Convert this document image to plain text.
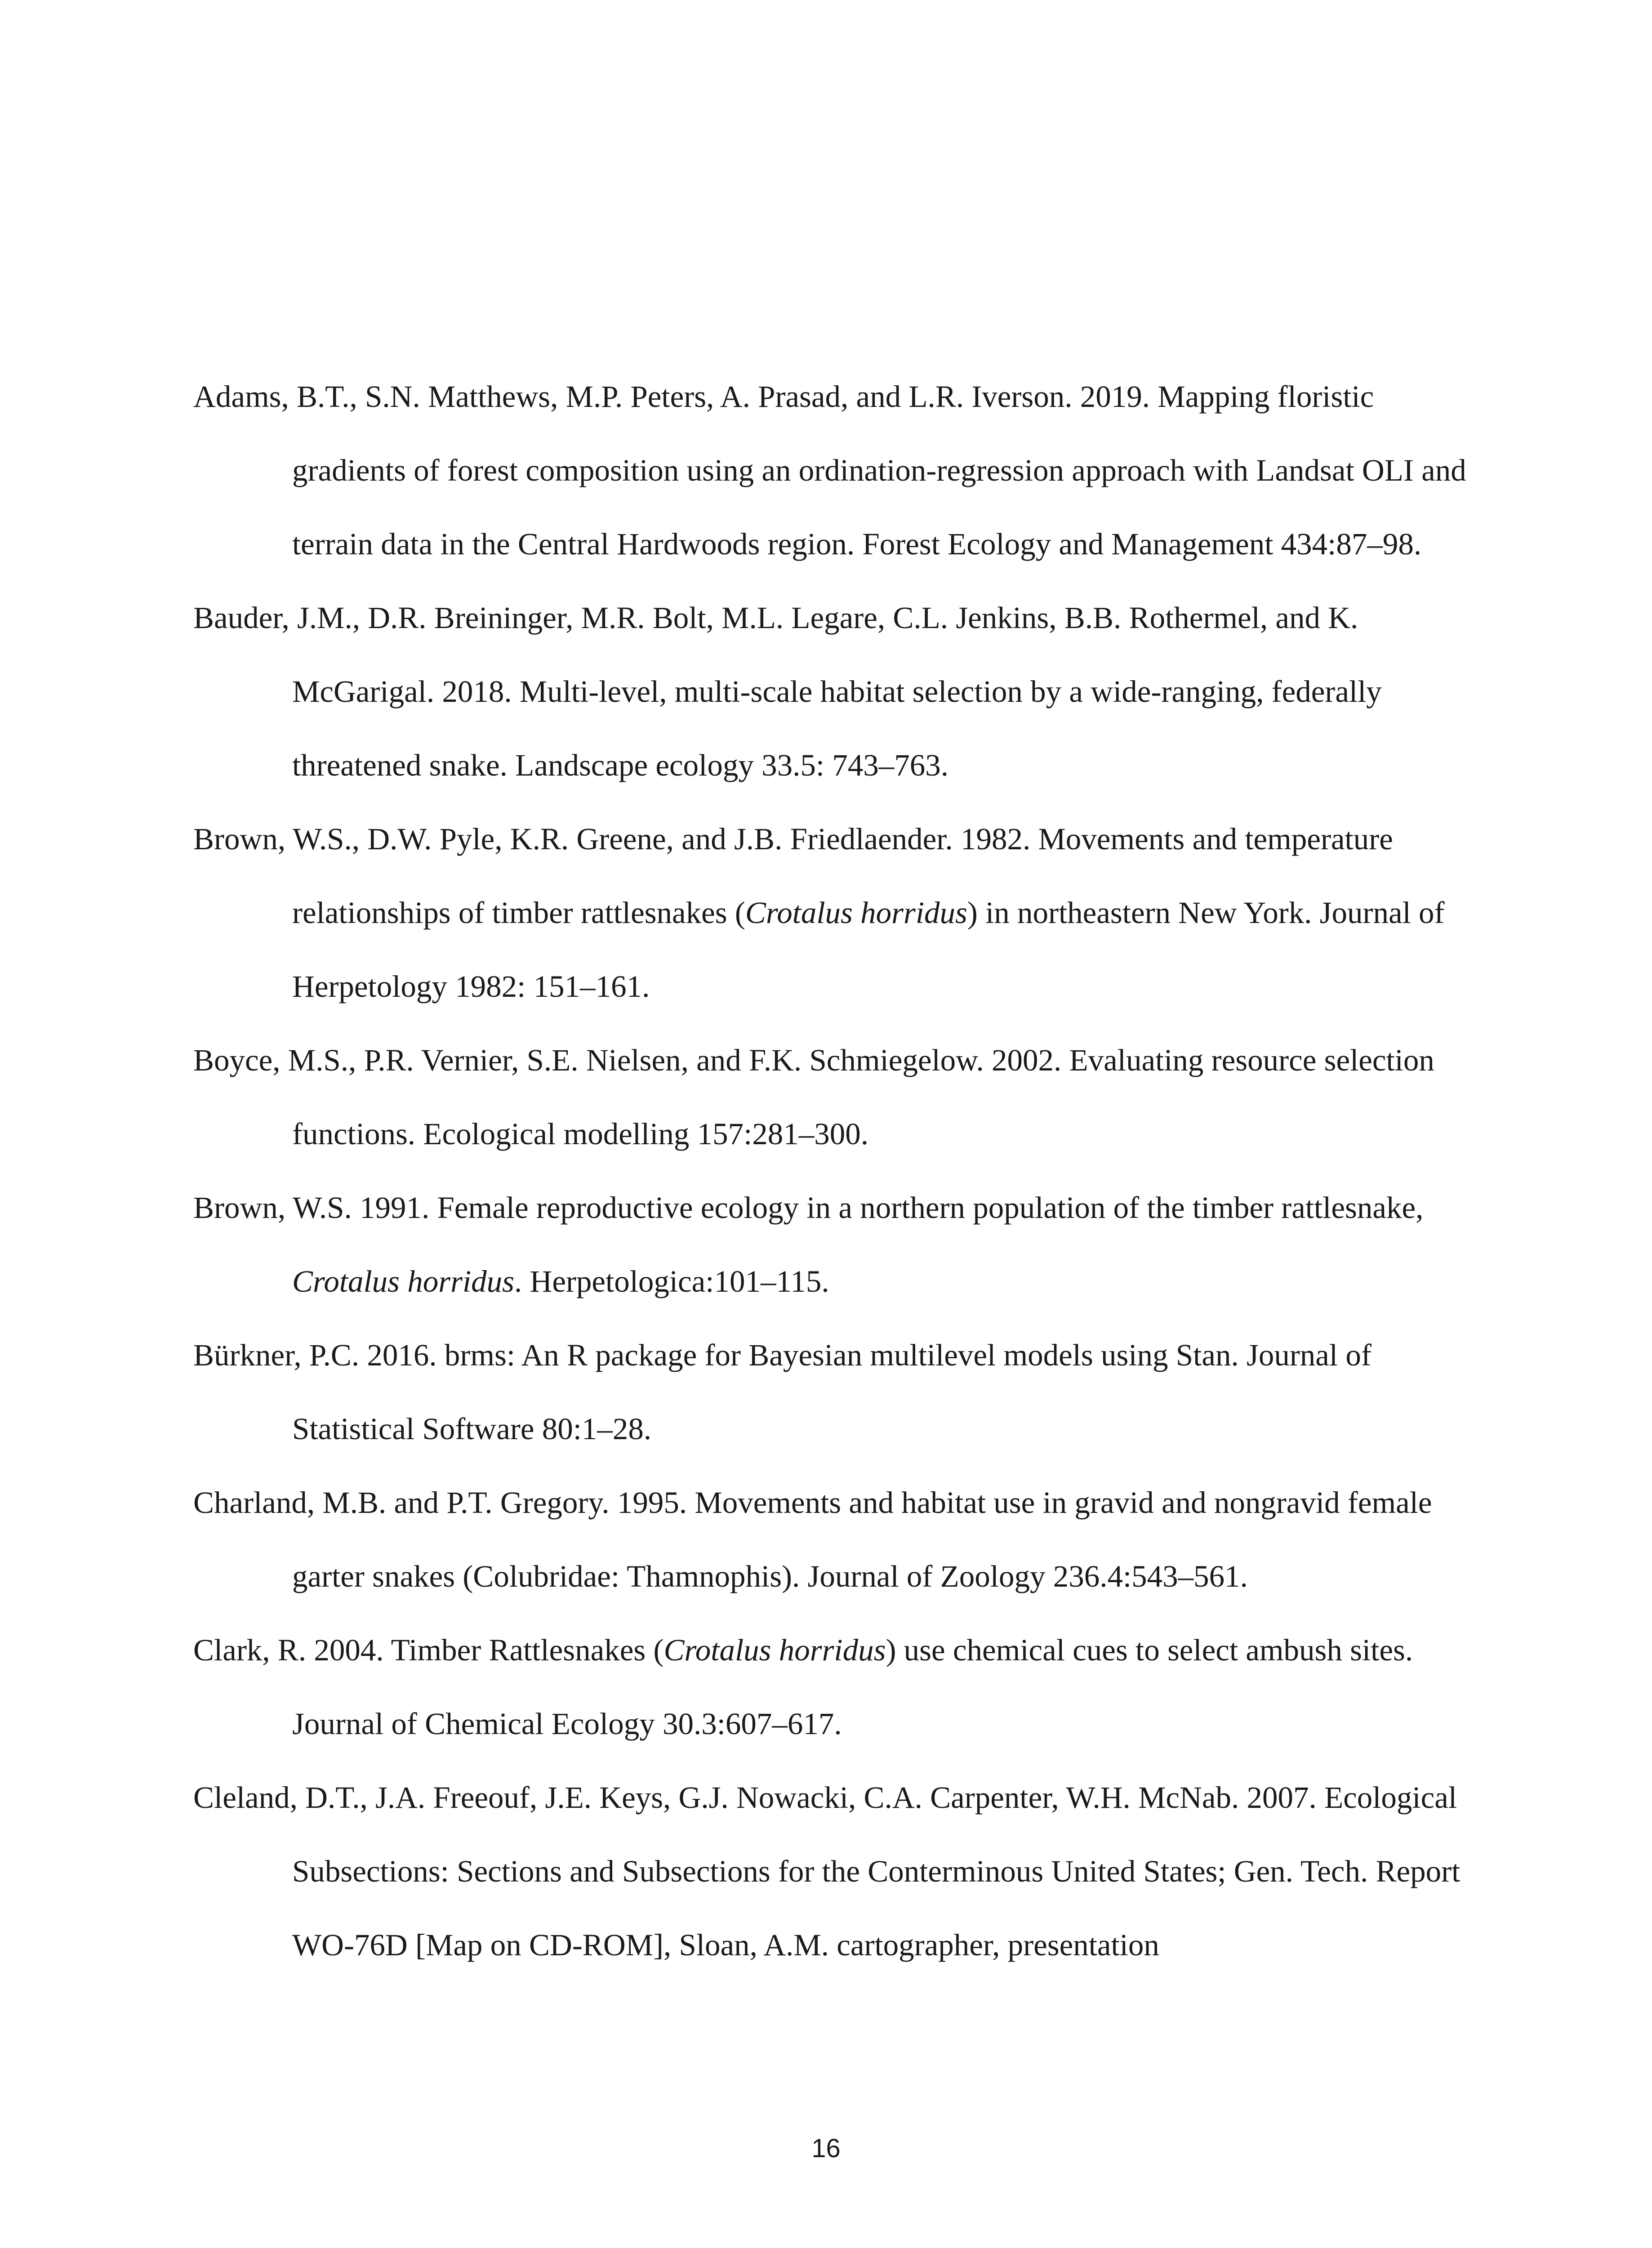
Adams, B.T., S.N. Matthews, M.P. Peters, A. Prasad, and L.R. Iverson. 2019. Mapping floristic gradients of forest composition using an ordination-regression approach with Landsat OLI and terrain data in the Central Hardwoods region. Forest Ecology and Management 434:87–98.
Bauder, J.M., D.R. Breininger, M.R. Bolt, M.L. Legare, C.L. Jenkins, B.B. Rothermel, and K. McGarigal. 2018. Multi-level, multi-scale habitat selection by a wide-ranging, federally threatened snake. Landscape ecology 33.5: 743–763.
Brown, W.S., D.W. Pyle, K.R. Greene, and J.B. Friedlaender. 1982. Movements and temperature relationships of timber rattlesnakes (Crotalus horridus) in northeastern New York. Journal of Herpetology 1982: 151–161.
Boyce, M.S., P.R. Vernier, S.E. Nielsen, and F.K. Schmiegelow. 2002. Evaluating resource selection functions. Ecological modelling 157:281–300.
Brown, W.S. 1991. Female reproductive ecology in a northern population of the timber rattlesnake, Crotalus horridus. Herpetologica:101–115.
Bürkner, P.C. 2016. brms: An R package for Bayesian multilevel models using Stan. Journal of Statistical Software 80:1–28.
Charland, M.B. and P.T. Gregory. 1995. Movements and habitat use in gravid and nongravid female garter snakes (Colubridae: Thamnophis). Journal of Zoology 236.4:543–561.
Clark, R. 2004. Timber Rattlesnakes (Crotalus horridus) use chemical cues to select ambush sites. Journal of Chemical Ecology 30.3:607–617.
Cleland, D.T., J.A. Freeouf, J.E. Keys, G.J. Nowacki, C.A. Carpenter, W.H. McNab. 2007. Ecological Subsections: Sections and Subsections for the Conterminous United States; Gen. Tech. Report WO-76D [Map on CD-ROM], Sloan, A.M. cartographer, presentation
16
